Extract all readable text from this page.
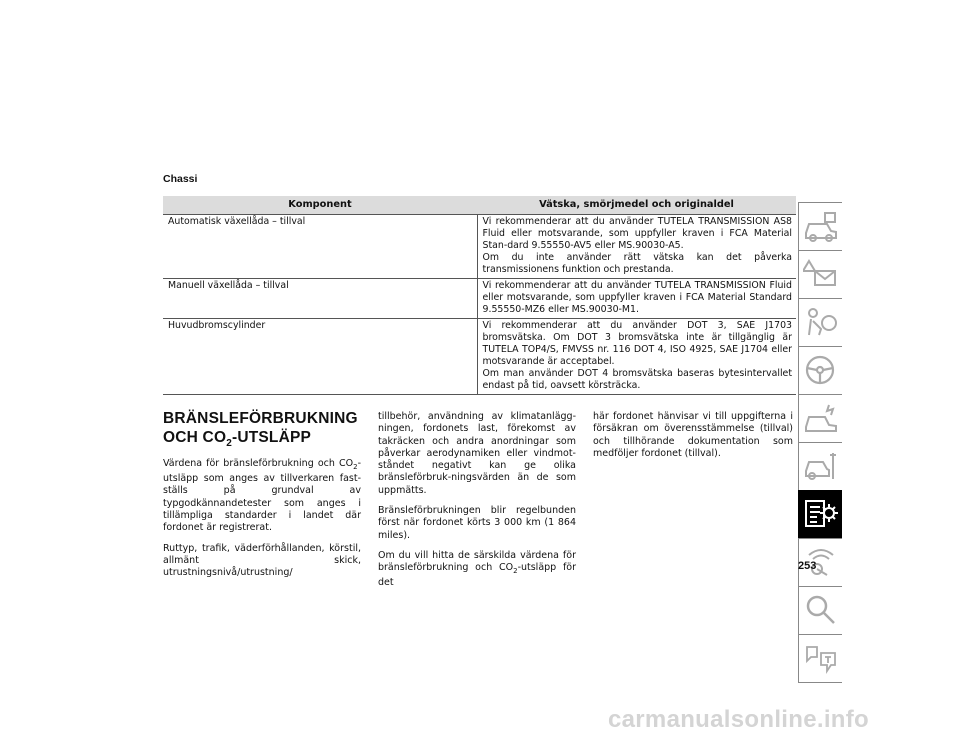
Chassi
Komponent	Vätska, smörjmedel och originaldel
Automatisk växellåda – tillval	Vi rekommenderar att du använder TUTELA TRANSMISSION AS8 Fluid eller motsvarande, som uppfyller kraven i FCA Material Stan-dard 9.55550-AV5 eller MS.90030-A5.
Om du inte använder rätt vätska kan det påverka transmissionens funktion och prestanda.

Manuell växellåda – tillval	Vi rekommenderar att du använder TUTELA TRANSMISSION Fluid eller motsvarande, som uppfyller kraven i FCA Material Standard 9.55550-MZ6 eller MS.90030-M1.

Huvudbromscylinder	Vi rekommenderar att du använder DOT 3, SAE J1703 bromsvätska. Om DOT 3 bromsvätska inte är tillgänglig är TUTELA TOP4/S, FMVSS nr. 116 DOT 4, ISO 4925, SAE J1704 eller motsvarande är acceptabel.
Om man använder DOT 4 bromsvätska baseras bytesintervallet endast på tid, oavsett körsträcka.
BRÄNSLEFÖRBRUKNING
OCH $CO_2$-UTSLÄPP

Värdena för bränsleförbrukning och $CO_2$-utsläpp som anges av tillverkaren fast-ställs på grundval av typgodkännandetester som anges i tillämpliga standarder i landet där fordonet är registrerat.

Ruttyp, trafik, väderförhållanden, körstil, allmänt skick, utrustningsnivå/utrustning/

tillbehör, användning av klimatanlägg-ningen, fordonets last, förekomst av takräcken och andra anordningar som påverkar aerodynamiken eller vindmot-ståndet negativt kan ge olika bränsleförbruk-ningsvärden än de som uppmätts.

Bränsleförbrukningen blir regelbunden först när fordonet körts 3 000 km (1 864 miles).

Om du vill hitta de särskilda värdena för bränsleförbrukning och $CO_2$-utsläpp för det

här fordonet hänvisar vi till uppgifterna i försäkran om överensstämmelse (tillval) och tillhörande dokumentation som medföljer fordonet (tillval).

253
carmanualsonline.info
